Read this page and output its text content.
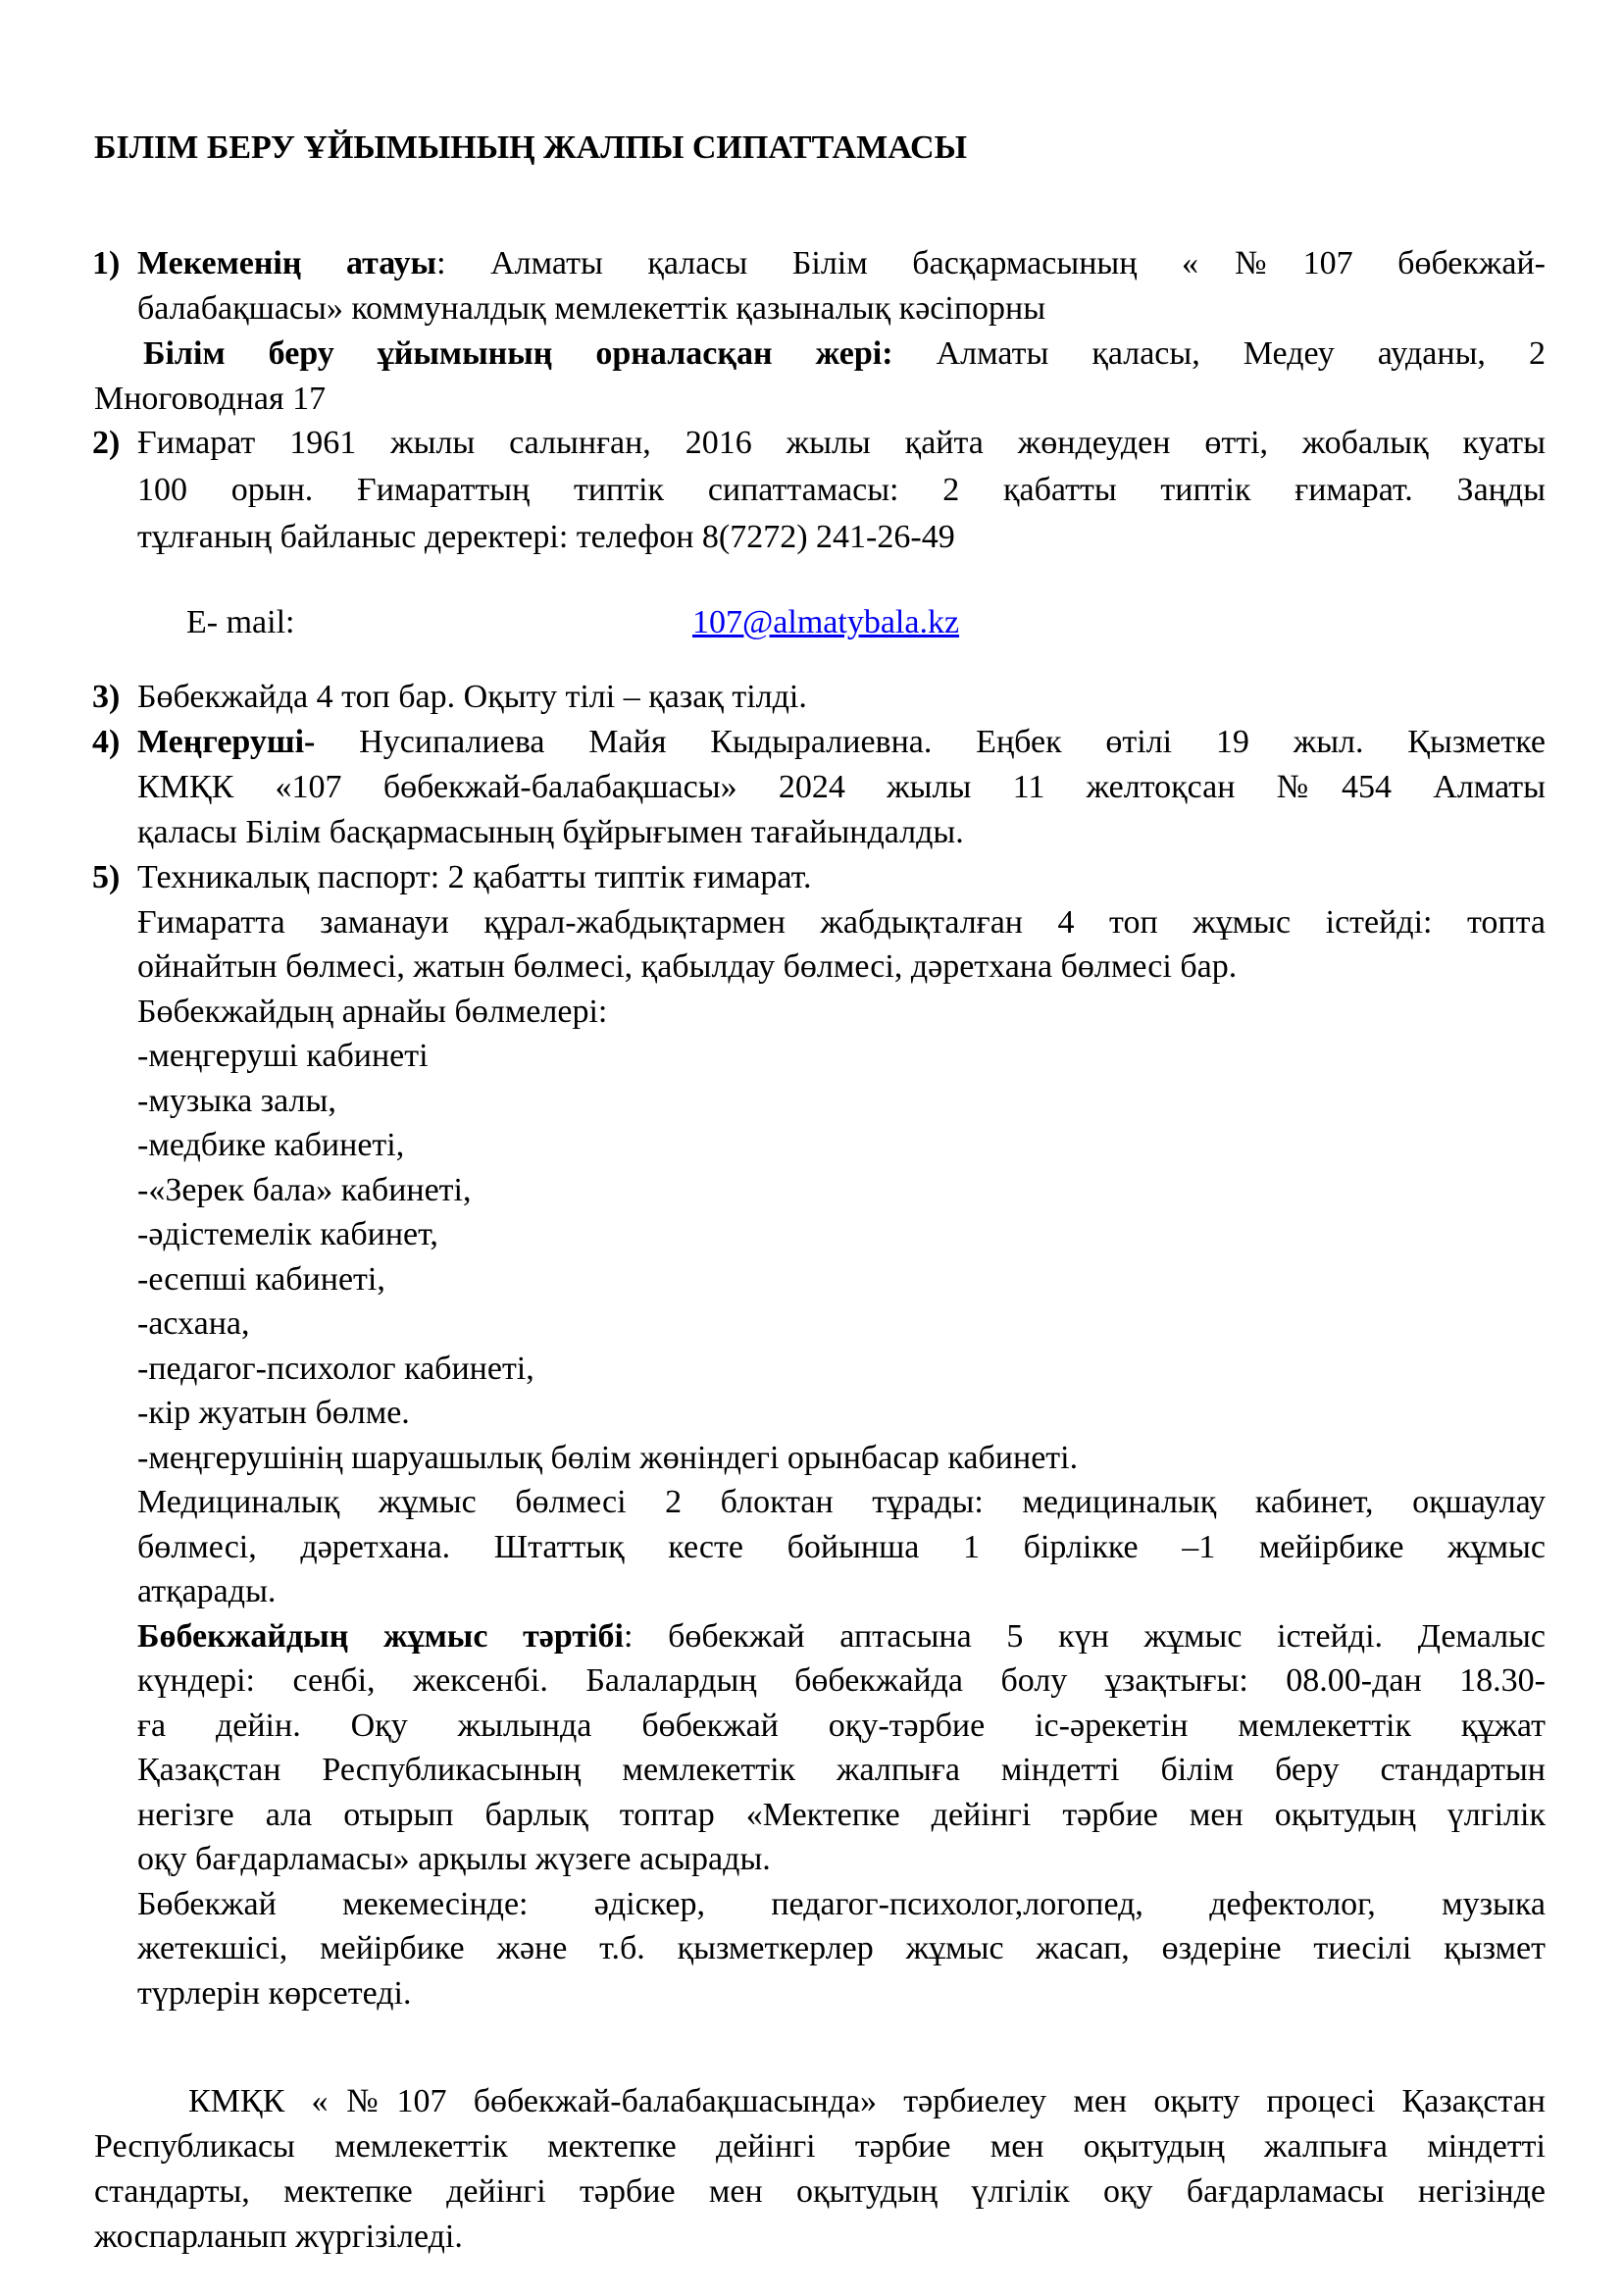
БІЛІМ БЕРУ ҰЙЫМЫНЫҢ ЖАЛПЫ СИПАТТАМАСЫ
1) Мекеменің атауы: Алматы қаласы Білім басқармасының «№107 бөбекжай-
балабақшасы» коммуналдық мемлекеттік қазыналық кәсіпорны
Білім беру ұйымының орналасқан жері: Алматы қаласы, Медеу ауданы, 2
Многоводная 17
2) Ғимарат 1961 жылы салынған, 2016 жылы қайта жөндеуден өтті, жобалық куаты
100 орын. Ғимараттың типтік сипаттамасы: 2 қабатты типтік ғимарат. Заңды
тұлғаның байланыс деректері: телефон 8(7272) 241-26-49
E- mail:	107@almatybala.kz
3) Бөбекжайда 4 топ бар. Оқыту тілі – қазақ тілді.
4) Меңгеруші- Нусипалиева Майя Кыдыралиевна. Еңбек өтілі 19 жыл. Қызметке
КМҚК «107 бөбекжай-балабақшасы» 2024 жылы 11 желтоқсан №454 Алматы
қаласы Білім басқармасының бұйрығымен тағайындалды.
5) Техникалық паспорт: 2 қабатты типтік ғимарат.
Ғимаратта заманауи құрал-жабдықтармен жабдықталған 4 топ жұмыс істейді: топта
ойнайтын бөлмесі, жатын бөлмесі, қабылдау бөлмесі, дәретхана бөлмесі бар.
Бөбекжайдың арнайы бөлмелері:
-меңгеруші кабинеті
-музыка залы,
-медбике кабинеті,
-«Зерек бала» кабинеті,
-әдістемелік кабинет,
-есепші кабинеті,
-асхана,
-педагог-психолог кабинеті,
-кір жуатын бөлме.
-меңгерушінің шаруашылық бөлім жөніндегі орынбасар кабинеті.
Медициналық жұмыс бөлмесі 2 блоктан тұрады: медициналық кабинет, оқшаулау
бөлмесі, дәретхана. Штаттық кесте бойынша 1 бірлікке –1 мейірбике жұмыс
атқарады.
Бөбекжайдың жұмыс тәртібі: бөбекжай аптасына 5 күн жұмыс істейді. Демалыс
күндері: сенбі, жексенбі. Балалардың бөбекжайда болу ұзақтығы: 08.00-дан 18.30-
ға дейін. Оқу жылында бөбекжай оқу-тәрбие іс-әрекетін мемлекеттік құжат
Қазақстан Республикасының мемлекеттік жалпыға міндетті білім беру стандартын
негізге ала отырып барлық топтар «Мектепке дейінгі тәрбие мен оқытудың үлгілік
оқу бағдарламасы» арқылы жүзеге асырады.
Бөбекжай мекемесінде: әдіскер, педагог-психолог,логопед, дефектолог, музыка
жетекшісі, мейірбике және т.б. қызметкерлер жұмыс жасап, өздеріне тиесілі қызмет
түрлерін көрсетеді.
КМҚК «№107 бөбекжай-балабақшасында» тәрбиелеу мен оқыту процесі Қазақстан
Республикасы мемлекеттік мектепке дейінгі тәрбие мен оқытудың жалпыға міндетті
стандарты, мектепке дейінгі тәрбие мен оқытудың үлгілік оқу бағдарламасы негізінде
жоспарланып жүргізіледі.
